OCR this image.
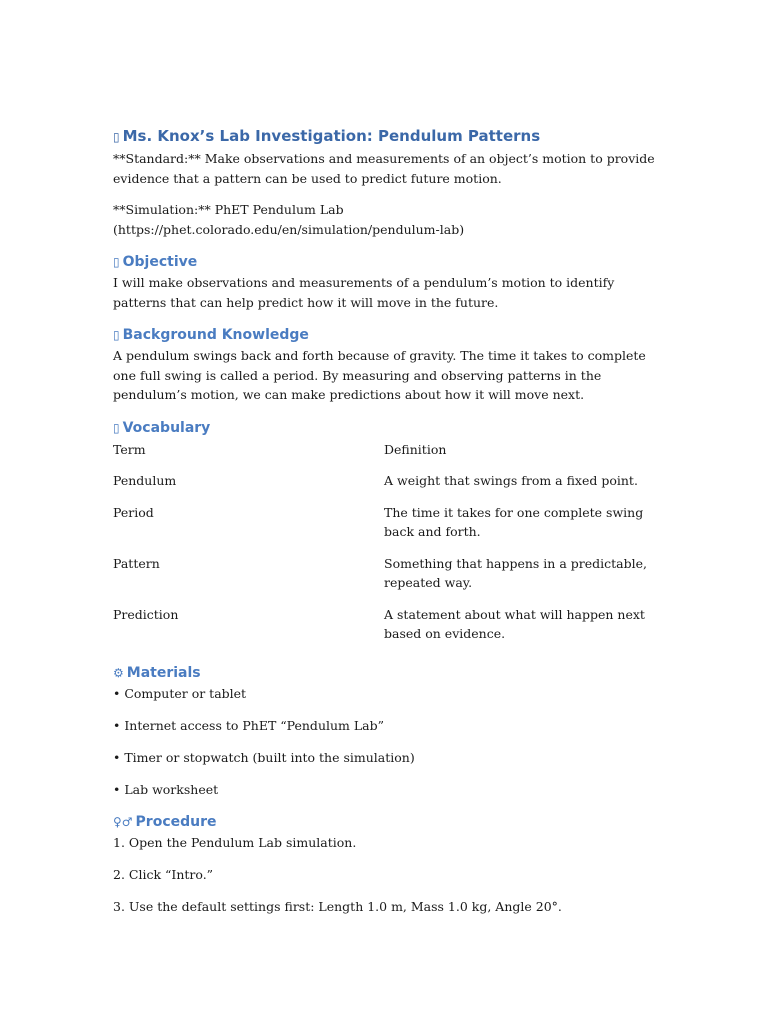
▯ Ms. Knox’s Lab Investigation: Pendulum Patterns

**Standard:** Make observations and measurements of an object’s motion to provide evidence that a pattern can be used to predict future motion.

**Simulation:** PhET Pendulum Lab (https://phet.colorado.edu/en/simulation/pendulum-lab)

▯ Objective

I will make observations and measurements of a pendulum’s motion to identify patterns that can help predict how it will move in the future.

▯ Background Knowledge

A pendulum swings back and forth because of gravity. The time it takes to complete one full swing is called a period. By measuring and observing patterns in the pendulum’s motion, we can make predictions about how it will move next.

▯ Vocabulary
Term	Definition
Pendulum	A weight that swings from a fixed point.
Period	The time it takes for one complete swing back and forth.
Pattern	Something that happens in a predictable, repeated way.
Prediction	A statement about what will happen next based on evidence.
⚙ Materials
• Computer or tablet
• Internet access to PhET “Pendulum Lab”
• Timer or stopwatch (built into the simulation)
• Lab worksheet
♀♂ Procedure
1. Open the Pendulum Lab simulation.
2. Click “Intro.”
3. Use the default settings first: Length 1.0 m, Mass 1.0 kg, Angle 20°.
